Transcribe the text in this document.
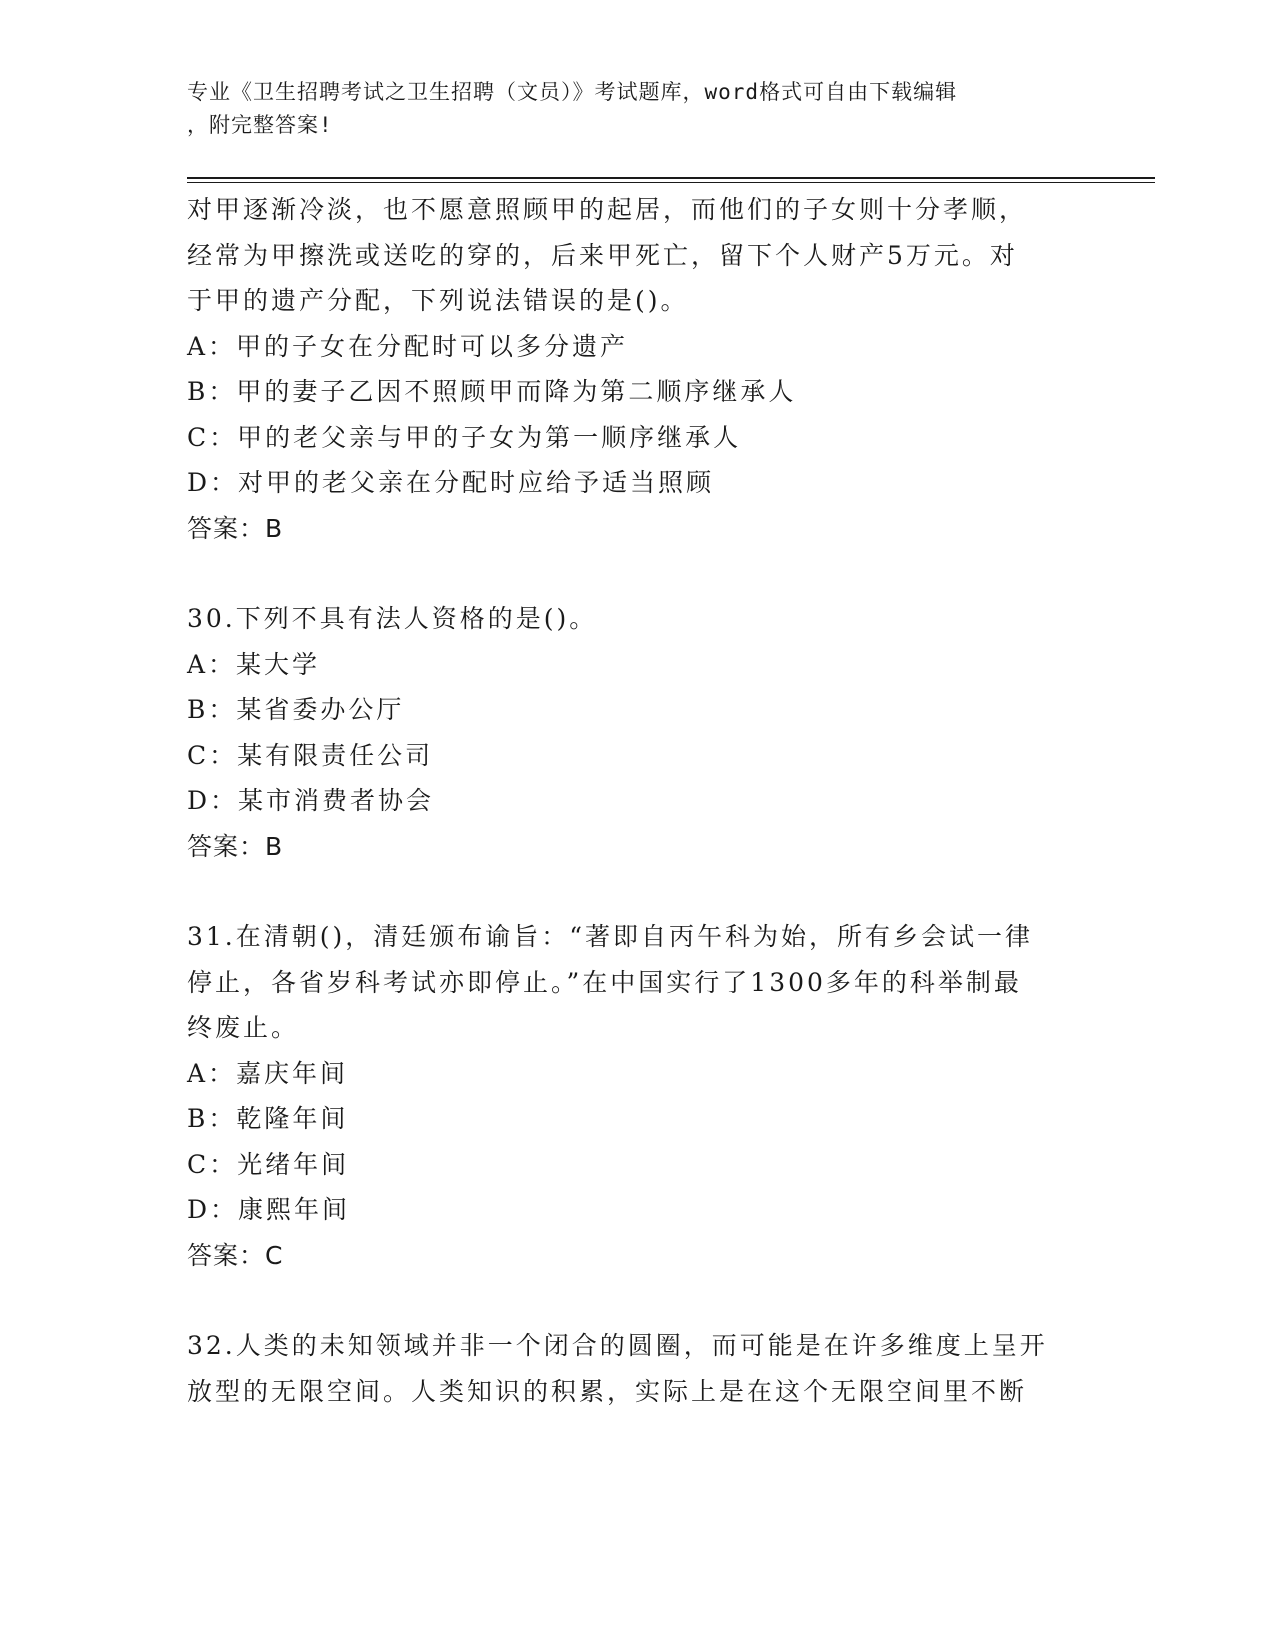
专业《卫生招聘考试之卫生招聘（文员）》考试题库，word格式可自由下载编辑
，附完整答案!
对甲逐渐冷淡，也不愿意照顾甲的起居，而他们的子女则十分孝顺，
经常为甲擦洗或送吃的穿的，后来甲死亡，留下个人财产5万元。对
于甲的遗产分配，下列说法错误的是()。
A：甲的子女在分配时可以多分遗产
B：甲的妻子乙因不照顾甲而降为第二顺序继承人
C：甲的老父亲与甲的子女为第一顺序继承人
D：对甲的老父亲在分配时应给予适当照顾
答案：B
30.下列不具有法人资格的是()。
A：某大学
B：某省委办公厅
C：某有限责任公司
D：某市消费者协会
答案：B
31.在清朝()，清廷颁布谕旨：“著即自丙午科为始，所有乡会试一律
停止，各省岁科考试亦即停止。”在中国实行了1300多年的科举制最
终废止。
A：嘉庆年间
B：乾隆年间
C：光绪年间
D：康熙年间
答案：C
32.人类的未知领域并非一个闭合的圆圈，而可能是在许多维度上呈开
放型的无限空间。人类知识的积累，实际上是在这个无限空间里不断
